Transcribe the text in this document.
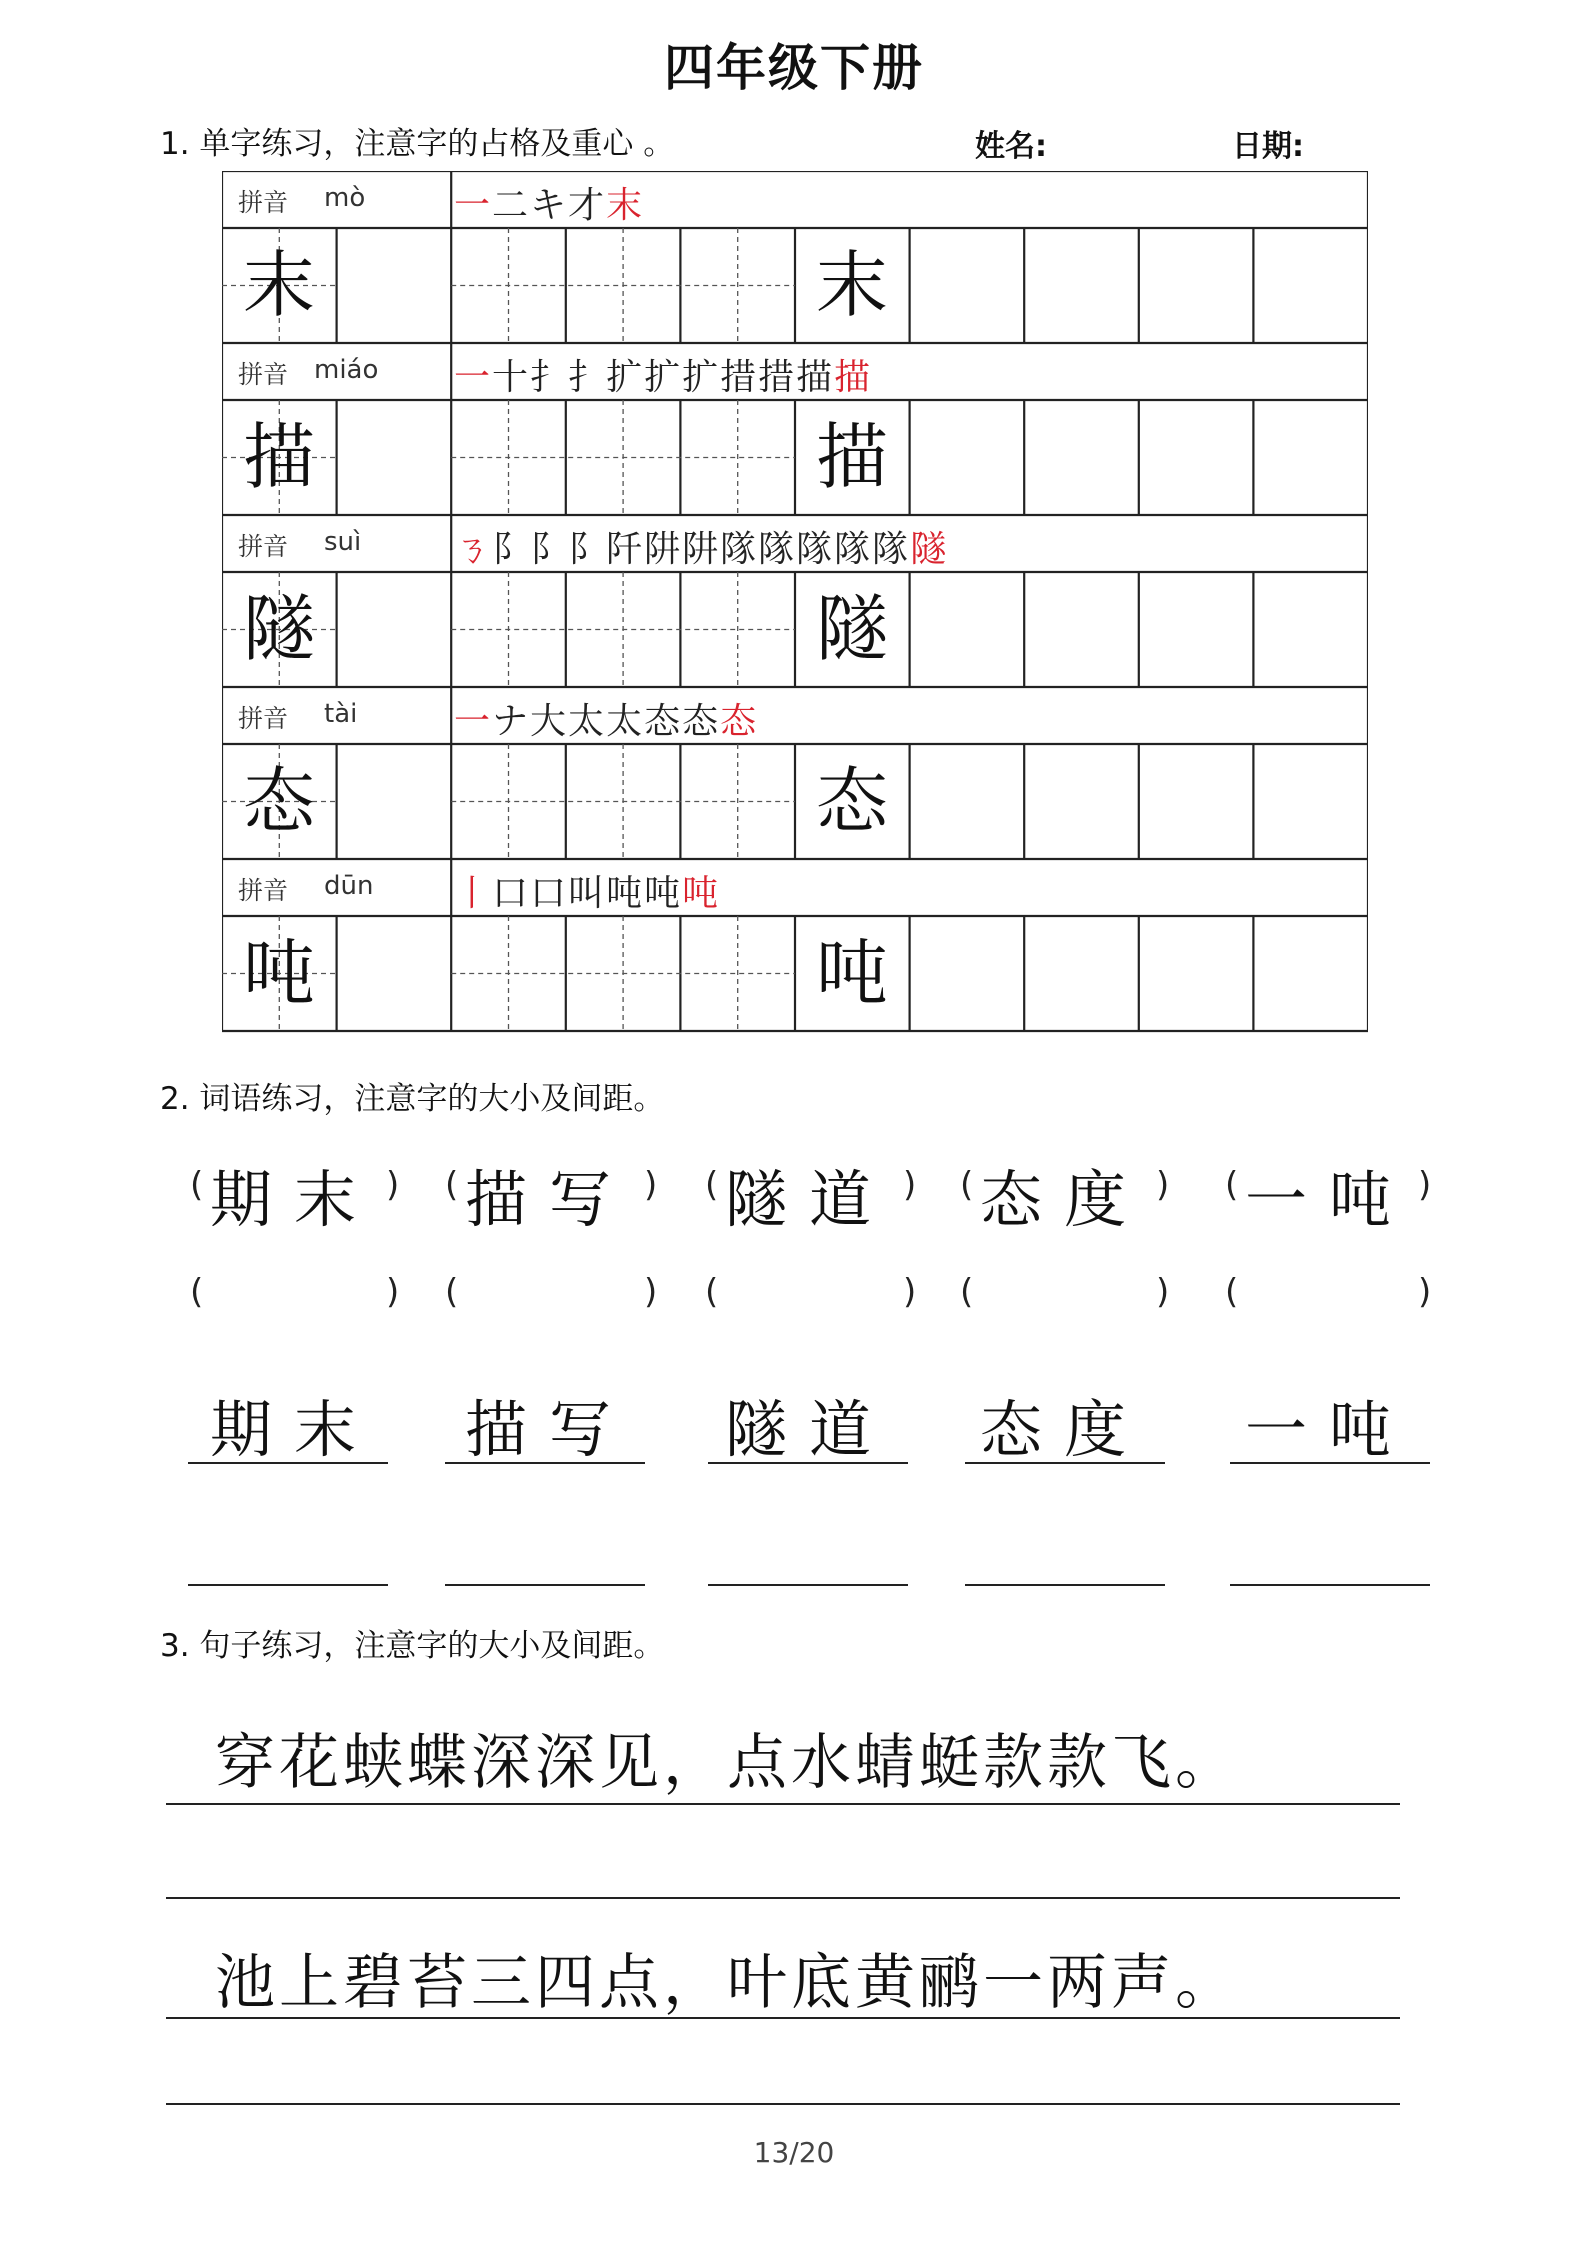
四年级下册
1. 单字练习，注意字的占格及重心 。	姓名:	日期:
拼音 mò 一二キ才末
末	末
拼音 miáo 一十扌扌扩扩扩措措描描
描	描
拼音 suì	ㄋ阝阝阝阡阱阱隊隊隊隊隊隧
隧	隧
拼音 tài	一ナ大太太态态态
态	态
拼音 dūn 丨口口叫吨吨吨
吨	吨
2. 词语练习，注意字的大小及间距。
3. 句子练习，注意字的大小及间距。
期末
(
(
)
)
期末
描写
(
(
)
)
描写
隧道
(
(
)
)
隧道
态度
(
(
)
)
态度
一吨
(
(
)
)
一吨
穿花蛱蝶深深见，点水蜻蜓款款飞。
池上碧苔三四点，叶底黄鹂一两声。
13/20
